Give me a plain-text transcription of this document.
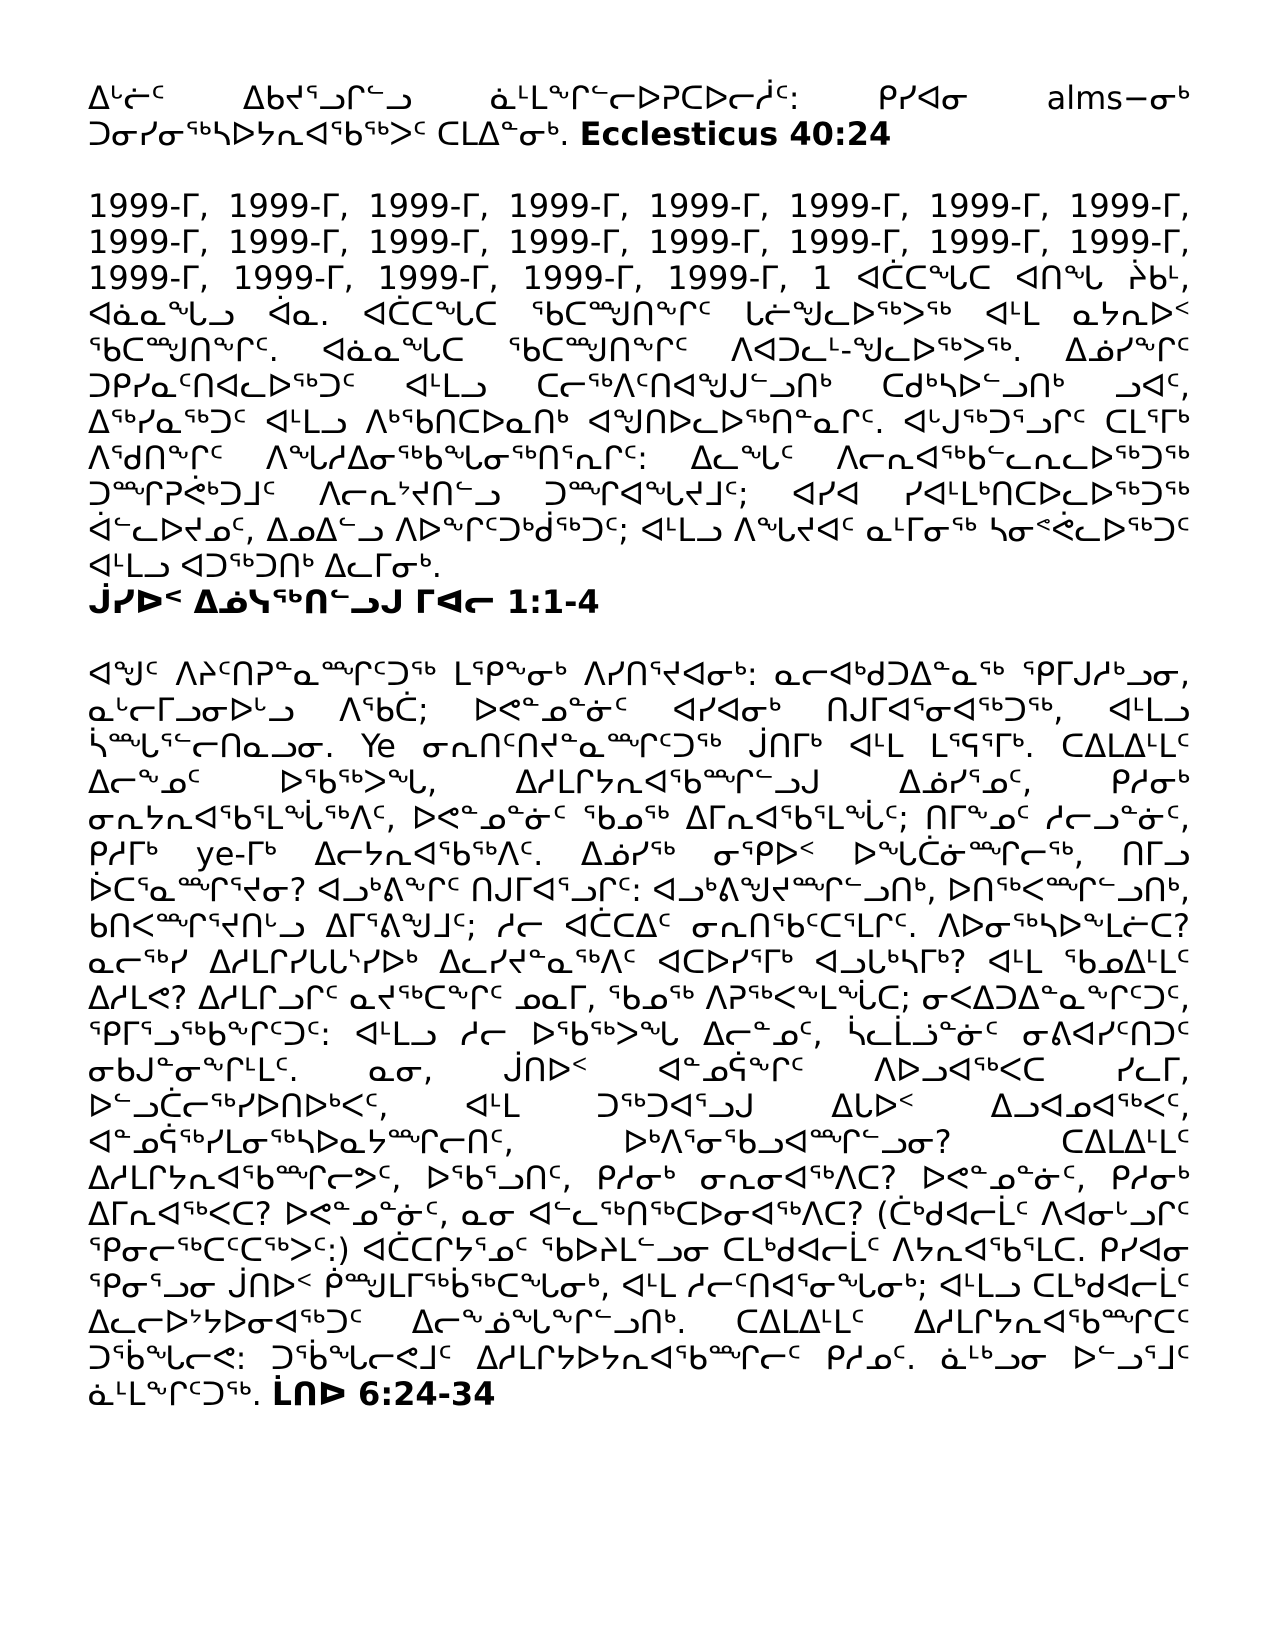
ᐃᒡᓖᑦ ᐃᑲᔪᕐᓗᒋᓪᓗ ᓈᒻᒪᖕᒋᓪᓕᐅᕈᑕᐅᓕᓲᑦ: ᑭᓯᐊᓂ alms−ᓂᒃ ᑐᓂᓯᓂᖅᓴᐅᔭᕆᐊᖃᖅᐳᑦ ᑕᒪᐃᓐᓂᒃ. Ecclesticus 40:24

1999-ᒥ, 1999-ᒥ, 1999-ᒥ, 1999-ᒥ, 1999-ᒥ, 1999-ᒥ, 1999-ᒥ, 1999-ᒥ, 1999-ᒥ, 1999-ᒥ, 1999-ᒥ, 1999-ᒥ, 1999-ᒥ, 1999-ᒥ, 1999-ᒥ, 1999-ᒥ, 1999-ᒥ, 1999-ᒥ, 1999-ᒥ, 1999-ᒥ, 1999-ᒥ, 1 ᐊᑖᑕᖓᑕ ᐊᑎᖓ ᔩᑲᒻ, ᐊᓈᓇᖓᓗ ᐋᓇ. ᐊᑖᑕᖓᑕ ᖃᑕᙳᑎᖕᒋᑦ ᒐᓖᖑᓚᐅᖅᐳᖅ ᐊᒻᒪ ᓇᔭᕆᐅᑉ ᖃᑕᙳᑎᖕᒋᑦ. ᐊᓈᓇᖓᑕ ᖃᑕᙳᑎᖕᒋᑦ ᐱᐊᑐᓚᒻ-ᖑᓚᐅᖅᐳᖅ. ᐃᓅᓯᖕᒋᑦ ᑐᑭᓯᓇᑦᑎᐊᓚᐅᖅᑐᑦ ᐊᒻᒪᓗ ᑕᓕᖅᐱᑦᑎᐊᖑᒍᓪᓗᑎᒃ ᑕᑯᒃᓴᐅᓪᓗᑎᒃ ᓗᐊᑦ, ᐃᖅᓯᓇᖅᑐᑦ ᐊᒻᒪᓗ ᐱᒃᖃᑎᑕᐅᓇᑎᒃ ᐊᖑᑎᐅᓚᐅᖅᑎᓐᓇᒋᑦ. ᐊᒡᒍᖅᑐᕐᓗᒋᑦ ᑕᒪᕐᒥᒃ ᐱᕐᑯᑎᖕᒋᑦ ᐱᖓᓱᐃᓂᖅᑲᖓᓂᖅᑎᕐᕆᒋᑦ: ᐃᓚᖓᑦ ᐱᓕᕆᐊᖅᑲᓪᓚᕆᓚᐅᖅᑐᖅ ᑐᙱᕈᕚᒃᑐᒧᑦ ᐱᓕᕆᔾᔪᑎᓪᓗ ᑐᙱᐊᖓᔪᒧᑦ; ᐊᓯᐊ ᓯᐊᒻᒪᒃᑎᑕᐅᓚᐅᖅᑐᖅ ᐋᓪᓚᐅᔪᓄᑦ, ᐃᓄᐃᓪᓗ ᐱᐅᖕᒋᑦᑐᒃᑰᖅᑐᑦ; ᐊᒻᒪᓗ ᐱᖓᔪᐊᑦ ᓇᒻᒥᓂᖅ ᓴᓂᕝᕚᓚᐅᖅᑐᑦ ᐊᒻᒪᓗ ᐊᑐᖅᑐᑎᒃ ᐃᓚᒥᓂᒃ.
ᒎᓯᐅᑉ ᐃᓅᓭᖅᑎᓪᓗᒍ ᒥᐊᓕ 1:1-4

ᐊᖑᑦ ᐱᔨᑦᑎᕈᓐᓇᙱᑦᑐᖅ ᒪᕿᖕᓂᒃ ᐱᓯᑎᕐᔪᐊᓂᒃ: ᓇᓕᐊᒃᑯᑐᐃᓐᓇᖅ ᕿᒥᒍᓱᒃᓗᓂ, ᓇᒡᓕᒥᓗᓂᐅᒡᓗ ᐱᖃᑖ; ᐅᕙᓐᓄᓐᓃᑦ ᐊᓯᐊᓂᒃ ᑎᒍᒥᐊᕐᓂᐊᖅᑐᖅ, ᐊᒻᒪᓗ ᓵᙵᕐᓪᓕᑎᓇᓗᓂ. Ye ᓂᕆᑎᑦᑎᔪᓐᓇᙱᑦᑐᖅ ᒎᑎᒥᒃ ᐊᒻᒪ ᒪᕐᕋᕐᒥᒃ. ᑕᐃᒪᐃᒻᒪᑦ ᐃᓕᖕᓄᑦ ᐅᖃᖅᐳᖓ, ᐃᓱᒪᒋᔭᕆᐊᖃᙱᓪᓗᒍ ᐃᓅᓯᕐᓄᑦ, ᑭᓱᓂᒃ ᓂᕆᔭᕆᐊᖃᕐᒪᖔᖅᐱᑦ, ᐅᕙᓐᓄᓐᓃᑦ ᖃᓄᖅ ᐃᒥᕆᐊᖃᕐᒪᖔᑦ; ᑎᒥᖕᓄᑦ ᓱᓕᓗᓐᓃᑦ, ᑭᓱᒥᒃ ye-ᒥᒃ ᐃᓕᔭᕆᐊᖃᖅᐱᑦ. ᐃᓅᓯᖅ ᓂᕿᐅᑉ ᐅᖓᑖᓃᙱᓕᖅ, ᑎᒥᓗ ᐆᑕᕐᓇᙱᕐᔪᓂ? ᐊᓗᒃᕕᖕᒋᑦ ᑎᒍᒥᐊᕐᓗᒋᑦ: ᐊᓗᒃᕕᖑᔪᙱᓪᓗᑎᒃ, ᐅᑎᖅᐸᙱᓪᓗᑎᒃ, ᑲᑎᐸᙱᕐᔪᑎᒡᓗ ᐃᒥᕐᕕᖑᒧᑦ; ᓱᓕ ᐊᑖᑕᐃᑦ ᓂᕆᑎᖃᑦᑕᕐᒪᒋᑦ. ᐱᐅᓂᖅᓴᐅᖕᒪᓖᑕ? ᓇᓕᖅᓯ ᐃᓱᒪᒋᓯᒐᒐᔅᓯᐅᒃ ᐃᓚᓯᔪᓐᓇᖅᐱᑦ ᐊᑕᐅᓯᕐᒥᒃ ᐊᓗᒐᒃᓴᒥᒃ? ᐊᒻᒪ ᖃᓄᐃᒻᒪᑦ ᐃᓱᒪᕙ? ᐃᓱᒪᒋᓗᒋᑦ ᓇᔪᖅᑕᖕᒋᑦ ᓄᓇᒥ, ᖃᓄᖅ ᐱᕈᖅᐸᖕᒪᖔᑕ; ᓂᐸᐃᑐᐃᓐᓇᖕᒋᑦᑐᑦ, ᕿᒥᕐᓗᖅᑲᖕᒋᑦᑐᑦ: ᐊᒻᒪᓗ ᓱᓕ ᐅᖃᖅᐳᖓ ᐃᓕᓐᓄᑦ, ᓵᓚᒫᓘᓐᓃᑦ ᓂᕕᐊᓯᑦᑎᑐᑦ ᓂᑲᒍᓐᓂᖕᒋᒻᒪᑦ. ᓇᓂ, ᒎᑎᐅᑉ ᐊᓐᓄᕌᖕᒋᑦ ᐱᐅᓗᐊᖅᐸᑕ ᓯᓚᒥ, ᐅᓪᓗᑖᓕᖅᓯᐅᑎᐅᒃᐸᑦ, ᐊᒻᒪ ᑐᖅᑐᐊᕐᓗᒍ ᐃᒐᐅᑉ ᐃᓗᐊᓄᐊᖅᐸᑦ, ᐊᓐᓄᕌᖅᓯᒪᓂᖅᓴᐅᓇᔭᙱᓕᑎᑦ, ᐅᒃᐱᕐᓂᖃᓗᐊᙱᓪᓗᓂ? ᑕᐃᒪᐃᒻᒪᑦ ᐃᓱᒪᒋᔭᕆᐊᖃᙱᓕᕗᑦ, ᐅᖃᕐᓗᑎᑦ, ᑭᓱᓂᒃ ᓂᕆᓂᐊᖅᐱᑕ? ᐅᕙᓐᓄᓐᓃᑦ, ᑭᓱᓂᒃ ᐃᒥᕆᐊᖅᐸᑕ? ᐅᕙᓐᓄᓐᓃᑦ, ᓇᓂ ᐊᓪᓚᖅᑎᖅᑕᐅᓂᐊᖅᐱᑕ? (ᑖᒃᑯᐊᓕᒫᑦ ᐱᐊᓂᒡᓗᒋᑦ ᕿᓂᓕᖅᑕᑦᑕᖅᐳᑦ:) ᐊᑖᑕᒋᔭᕐᓄᑦ ᖃᐅᔨᒪᓪᓗᓂ ᑕᒪᒃᑯᐊᓕᒫᑦ ᐱᔭᕆᐊᖃᕐᒪᑕ. ᑭᓯᐊᓂ ᕿᓂᕐᓗᓂ ᒎᑎᐅᑉ ᑮᙳᒪᒥᖅᑳᖅᑕᖓᓂᒃ, ᐊᒻᒪ ᓱᓕᑦᑎᐊᕐᓂᖓᓂᒃ; ᐊᒻᒪᓗ ᑕᒪᒃᑯᐊᓕᒫᑦ ᐃᓚᓕᐅᔾᔭᐅᓂᐊᖅᑐᑦ ᐃᓕᖕᓅᖓᖕᒋᓪᓗᑎᒃ. ᑕᐃᒪᐃᒻᒪᑦ ᐃᓱᒪᒋᔭᕆᐊᖃᙱᑕᑦ ᑐᖄᖓᓕᕙ: ᑐᖄᖓᓕᕙᒧᑦ ᐃᓱᒪᒋᔭᐅᔭᕆᐊᖃᙱᓕᑦ ᑭᓱᓄᑦ. ᓈᒻᒃᓗᓂ ᐅᓪᓗᕐᒧᑦ ᓈᒻᒪᖕᒋᑦᑐᖅ. ᒫᑎᐅ 6:24-34
